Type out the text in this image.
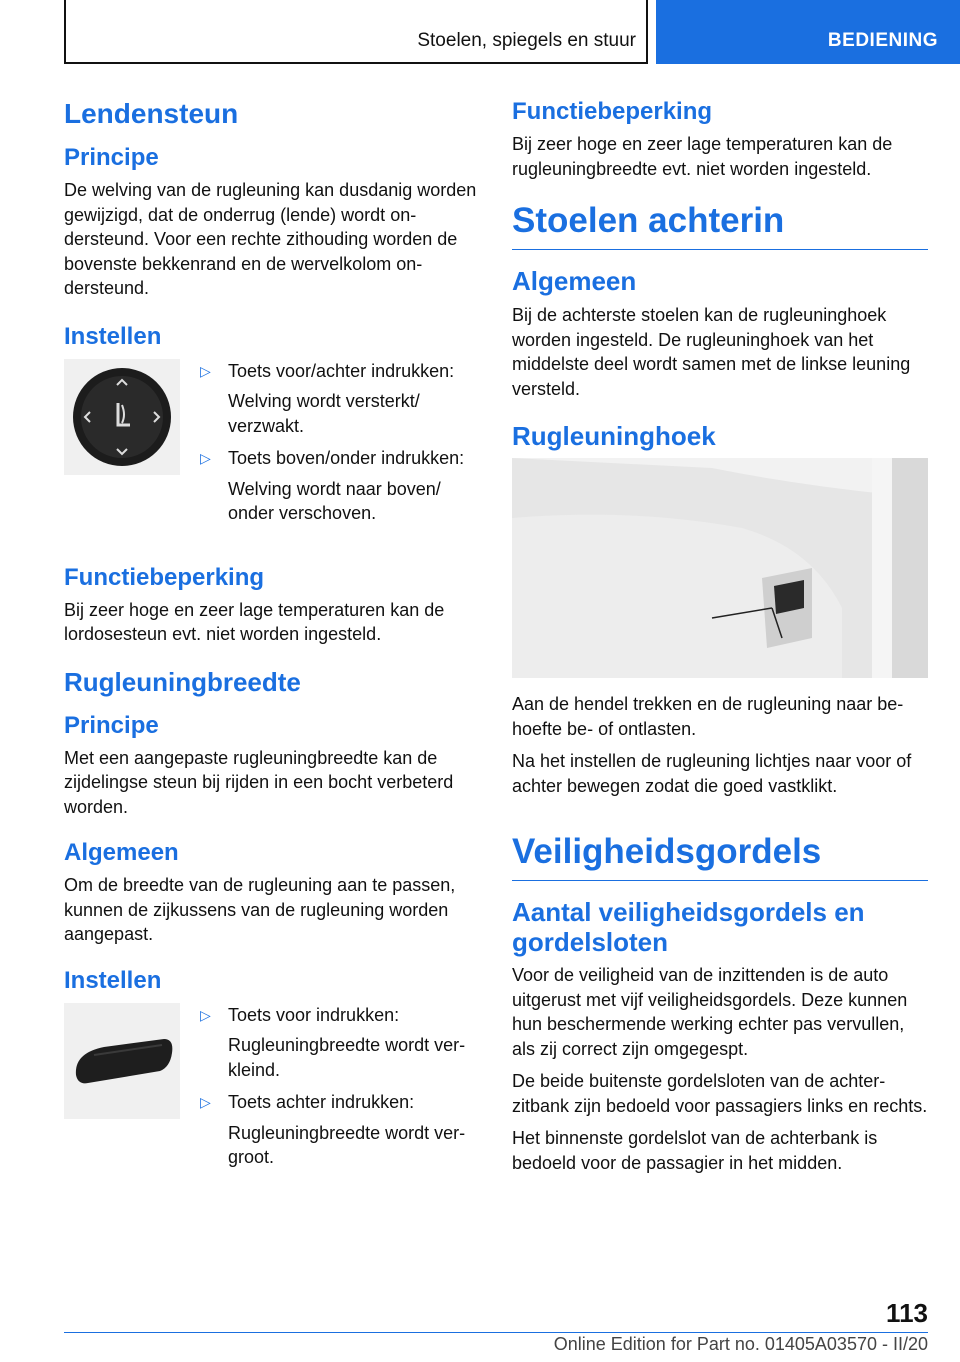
Stoelen, spiegels en stuur	BEDIENING
Lendensteun
Principe

De welving van de rugleuning kan dusdanig worden gewijzigd, dat de onderrug (lende) wordt ondersteund. Voor een rechte zithouding worden de bovenste bekkenrand en de wervelkolom ondersteund.

Instellen
▷ Toets voor/achter indrukken:
Welving wordt versterkt/ verzwakt.
▷ Toets boven/onder indrukken:
Welving wordt naar boven/ onder verschoven.
Functiebeperking

Bij zeer hoge en zeer lage temperaturen kan de lordosesteun evt. niet worden ingesteld.

Rugleuningbreedte
Principe

Met een aangepaste rugleuningbreedte kan de zijdelingse steun bij rijden in een bocht verbeterd worden.

Algemeen

Om de breedte van de rugleuning aan te passen, kunnen de zijkussens van de rugleuning worden aangepast.

Instellen
▷ Toets voor indrukken:
Rugleuningbreedte wordt verkleind.
▷ Toets achter indrukken:
Rugleuningbreedte wordt vergroot.
Functiebeperking

Bij zeer hoge en zeer lage temperaturen kan de rugleuningbreedte evt. niet worden ingesteld.

Stoelen achterin
Algemeen

Bij de achterste stoelen kan de rugleuninghoek worden ingesteld. De rugleuninghoek van het middelste deel wordt samen met de linkse leuning versteld.

Rugleuninghoek

Aan de hendel trekken en de rugleuning naar behoefte be- of ontlasten.

Na het instellen de rugleuning lichtjes naar voor of achter bewegen zodat die goed vastklikt.

Veiligheidsgordels
Aantal veiligheidsgordels en gordelsloten

Voor de veiligheid van de inzittenden is de auto uitgerust met vijf veiligheidsgordels. Deze kunnen hun beschermende werking echter pas vervullen, als zij correct zijn omgegespt.

De beide buitenste gordelsloten van de achterzitbank zijn bedoeld voor passagiers links en rechts.

Het binnenste gordelslot van de achterbank is bedoeld voor de passagier in het midden.

113
Online Edition for Part no. 01405A03570 - II/20
